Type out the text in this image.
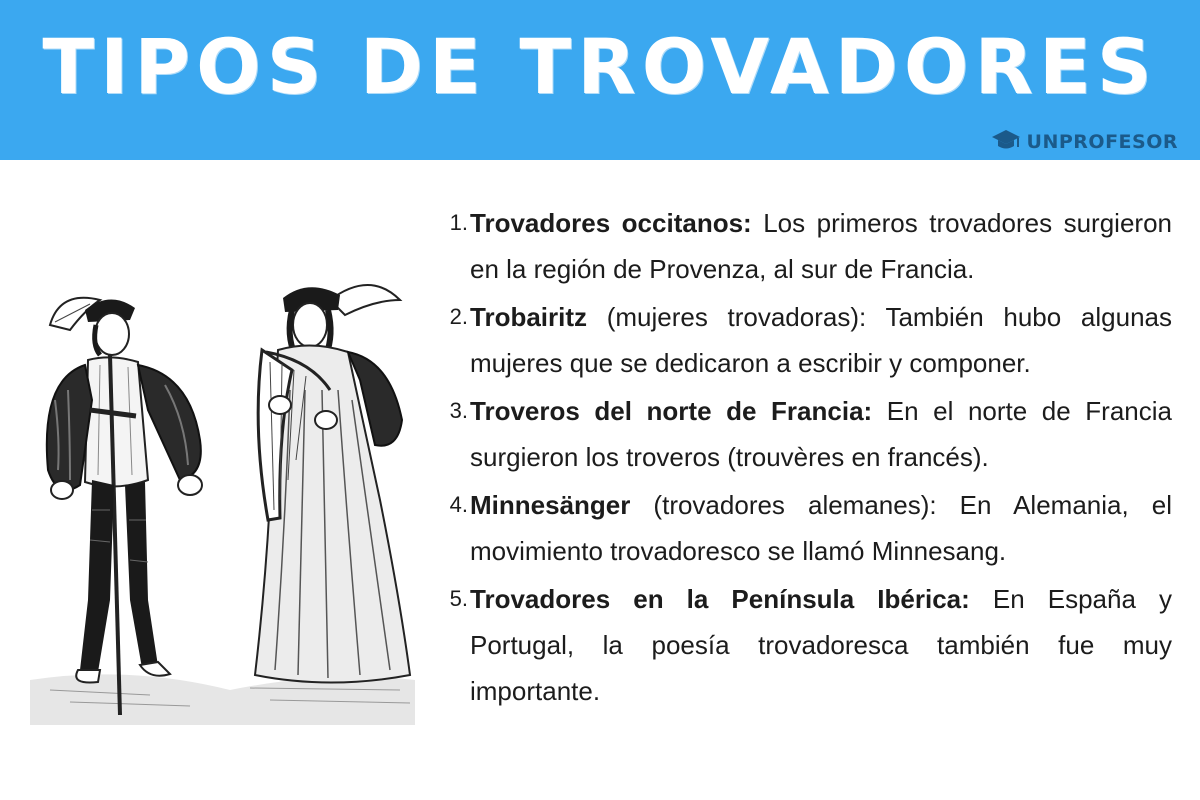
TIPOS DE TROVADORES
UNPROFESOR
1. Trovadores occitanos: Los primeros trovadores surgieron en la región de Provenza, al sur de Francia.
2. Trobairitz (mujeres trovadoras): También hubo algunas mujeres que se dedicaron a escribir y componer.
3. Troveros del norte de Francia: En el norte de Francia surgieron los troveros (trouvères en francés).
4. Minnesänger (trovadores alemanes): En Alemania, el movimiento trovadoresco se llamó Minnesang.
5. Trovadores en la Península Ibérica: En España y Portugal, la poesía trovadoresca también fue muy importante.
